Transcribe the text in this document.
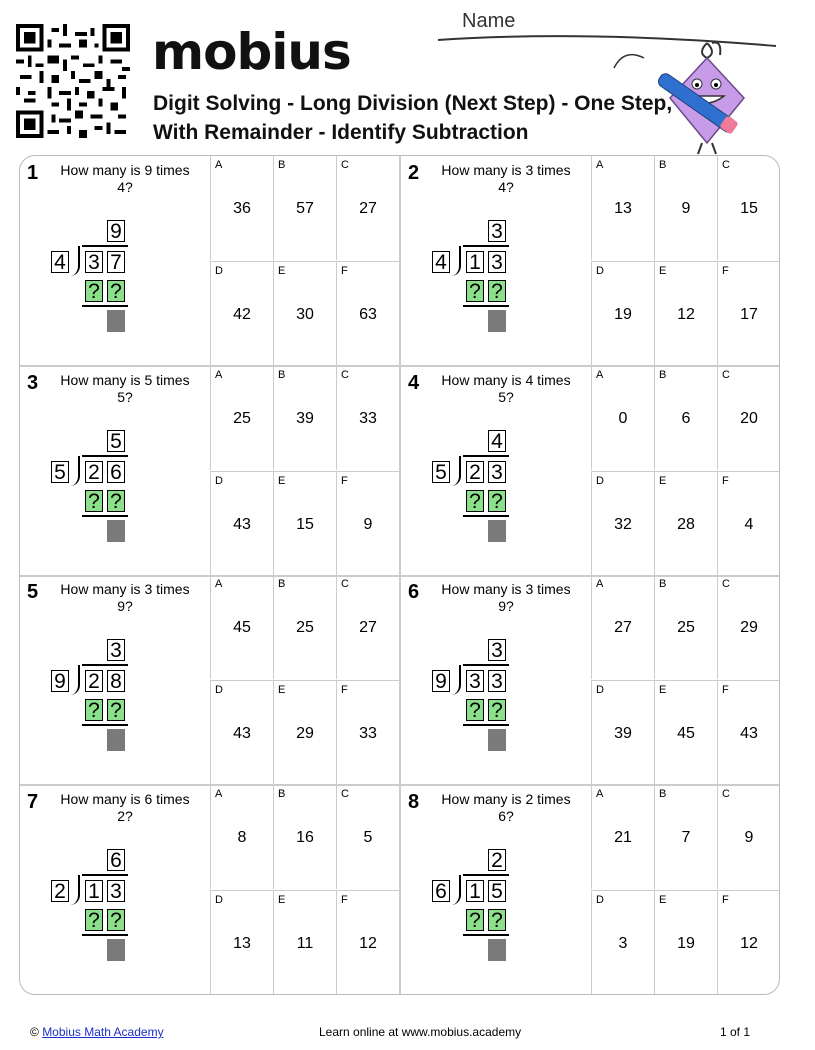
mobius
Digit Solving - Long Division (Next Step) - One Step, With Remainder - Identify Subtraction
Name
1 How many is 9 times 4?
9
4 3 7
? ?
A
36
B
57
C
27
D
42
E
30
F
63
2 How many is 3 times 4?
3
4 1 3
? ?
A
13
B
9
C
15
D
19
E
12
F
17
3 How many is 5 times 5?
5
5 2 6
? ?
A
25
B
39
C
33
D
43
E
15
F
9
4 How many is 4 times 5?
4
5 2 3
? ?
A
0
B
6
C
20
D
32
E
28
F
4
5 How many is 3 times 9?
3
9 2 8
? ?
A
45
B
25
C
27
D
43
E
29
F
33
6 How many is 3 times 9?
3
9 3 3
? ?
A
27
B
25
C
29
D
39
E
45
F
43
7 How many is 6 times 2?
6
2 1 3
? ?
A
8
B
16
C
5
D
13
E
11
F
12
8 How many is 2 times 6?
2
6 1 5
? ?
A
21
B
7
C
9
D
3
E
19
F
12
© Mobius Math Academy	Learn online at www.mobius.academy	1 of 1
